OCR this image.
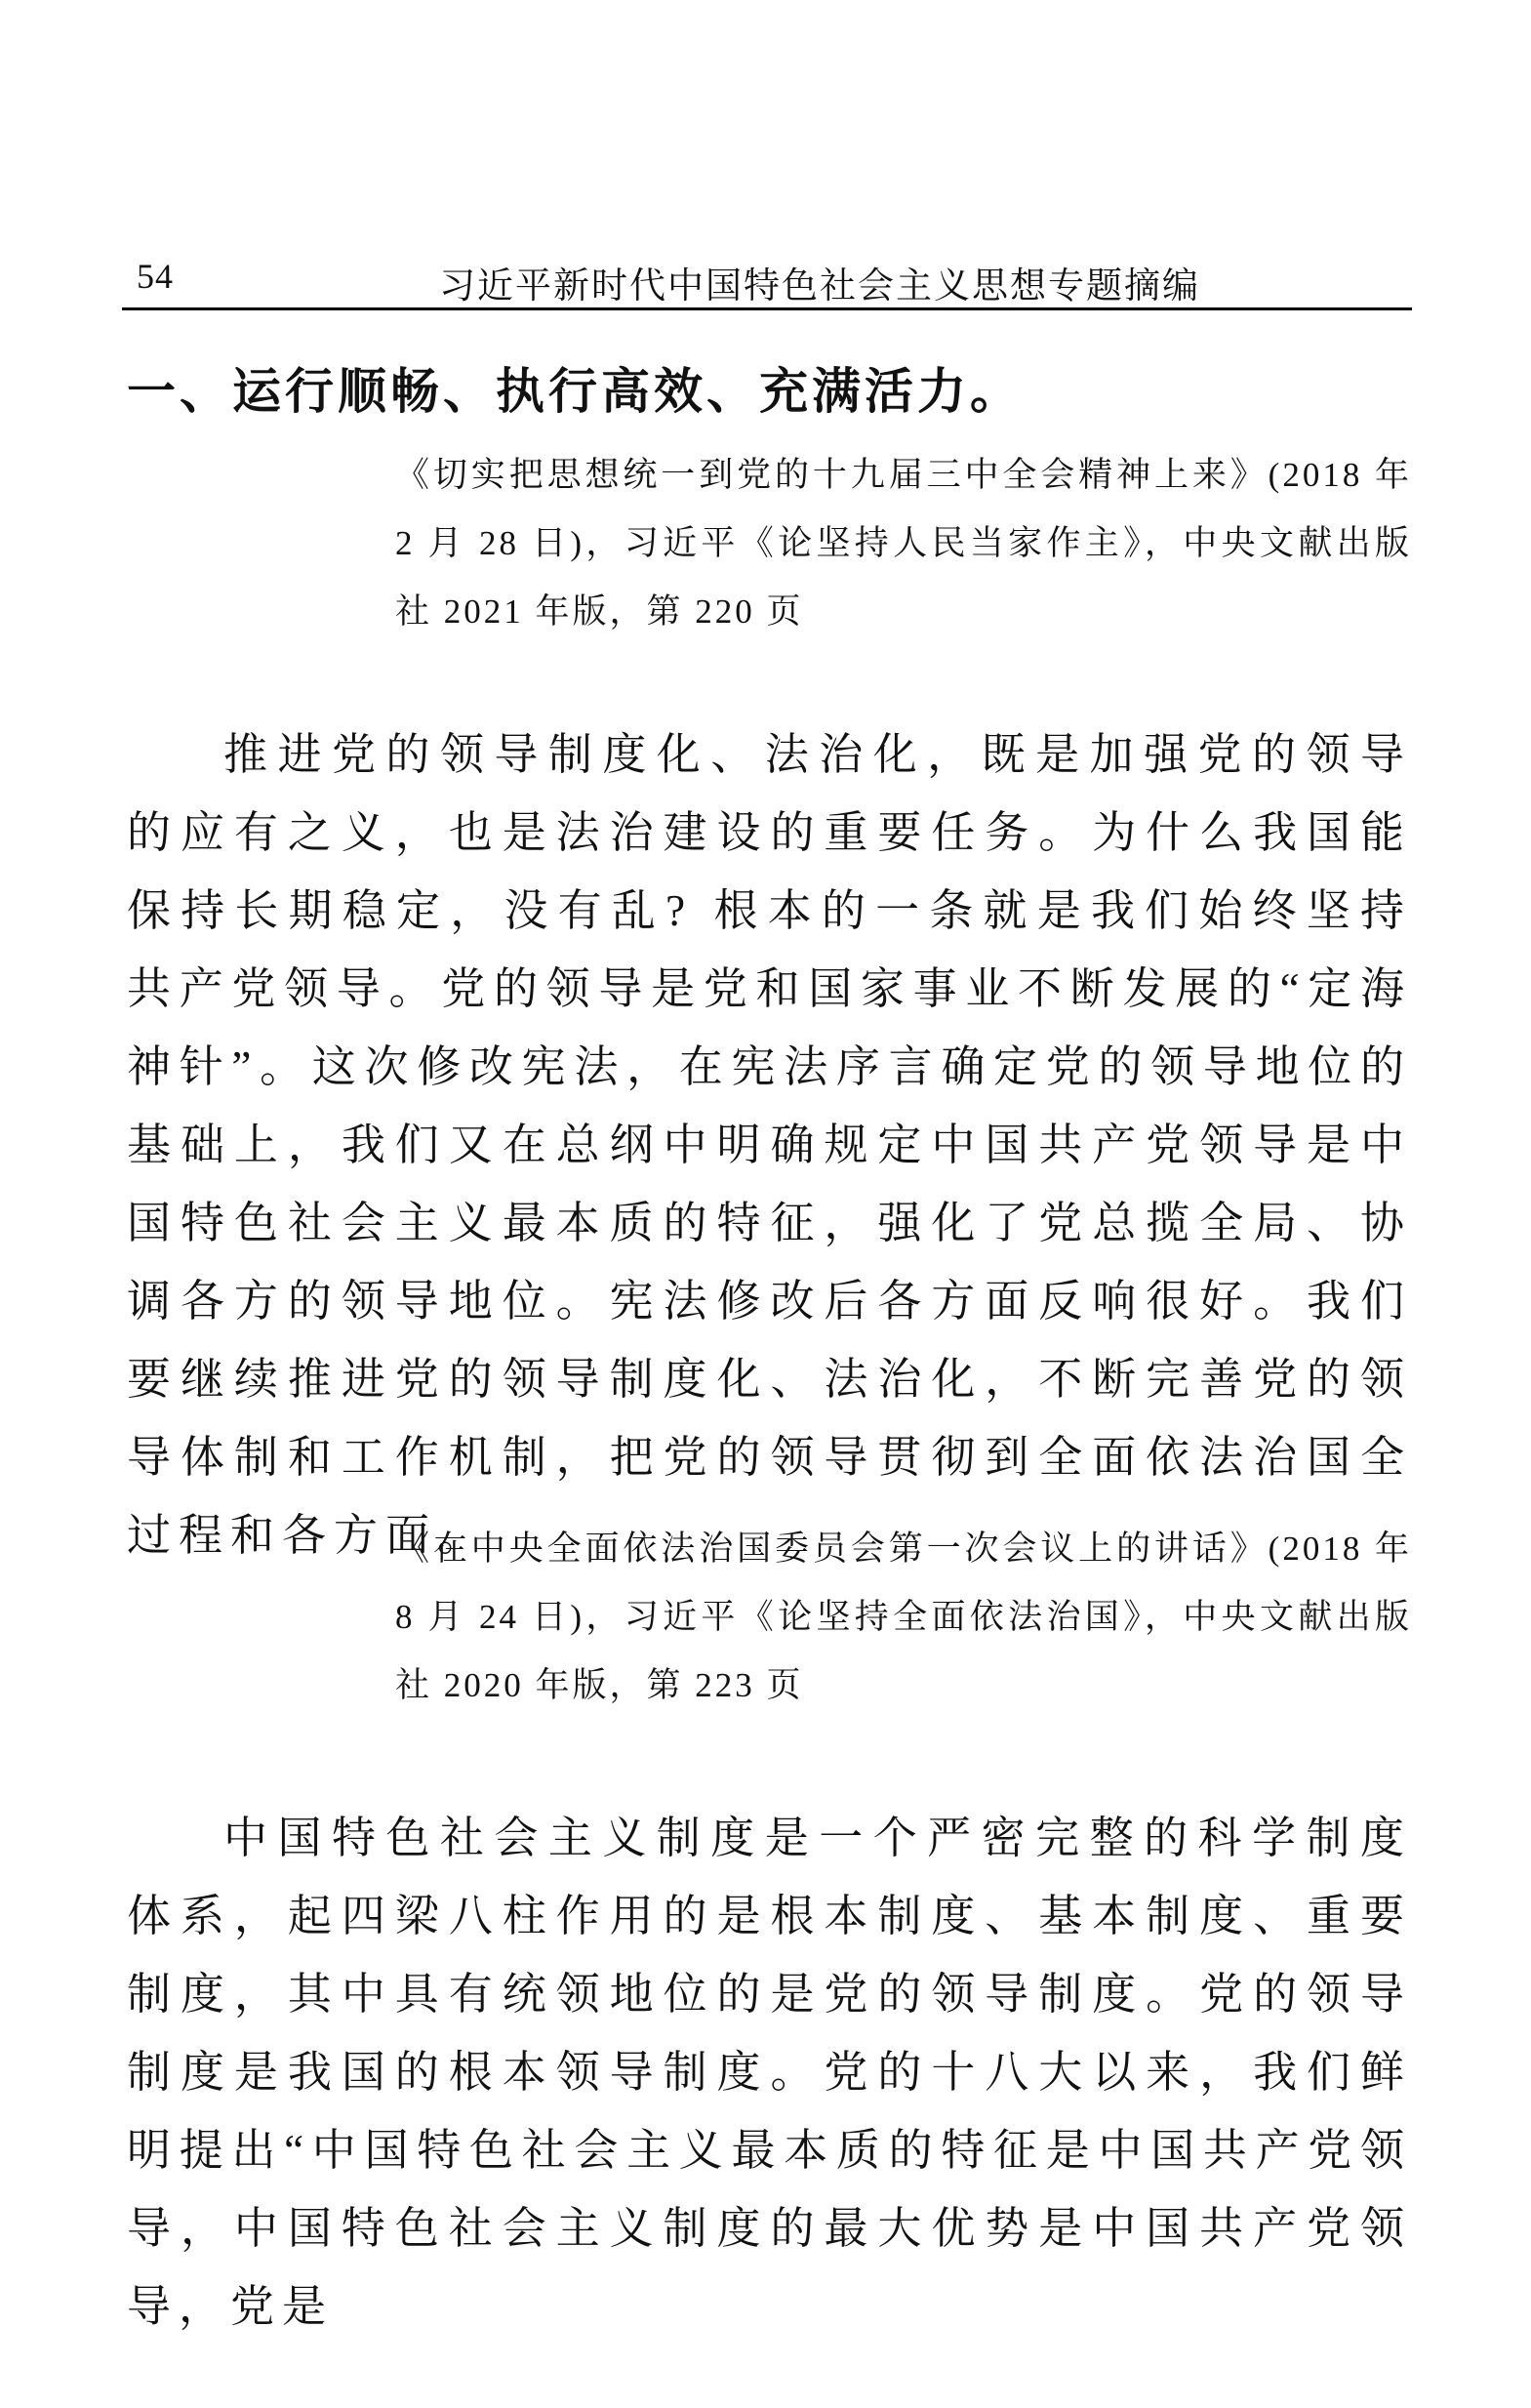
54	习近平新时代中国特色社会主义思想专题摘编
一、运行顺畅、执行高效、充满活力。
《切实把思想统一到党的十九届三中全会精神上来》(2018 年 2 月 28 日)，习近平《论坚持人民当家作主》，中央文献出版社 2021 年版，第 220 页

推进党的领导制度化、法治化，既是加强党的领导的应有之义，也是法治建设的重要任务。为什么我国能保持长期稳定，没有乱? 根本的一条就是我们始终坚持共产党领导。党的领导是党和国家事业不断发展的“定海神针”。这次修改宪法，在宪法序言确定党的领导地位的基础上，我们又在总纲中明确规定中国共产党领导是中国特色社会主义最本质的特征，强化了党总揽全局、协调各方的领导地位。宪法修改后各方面反响很好。我们要继续推进党的领导制度化、法治化，不断完善党的领导体制和工作机制，把党的领导贯彻到全面依法治国全过程和各方面。

《在中央全面依法治国委员会第一次会议上的讲话》(2018 年 8 月 24 日)，习近平《论坚持全面依法治国》，中央文献出版社 2020 年版，第 223 页

中国特色社会主义制度是一个严密完整的科学制度体系，起四梁八柱作用的是根本制度、基本制度、重要制度，其中具有统领地位的是党的领导制度。党的领导制度是我国的根本领导制度。党的十八大以来，我们鲜明提出“中国特色社会主义最本质的特征是中国共产党领导，中国特色社会主义制度的最大优势是中国共产党领导，党是
